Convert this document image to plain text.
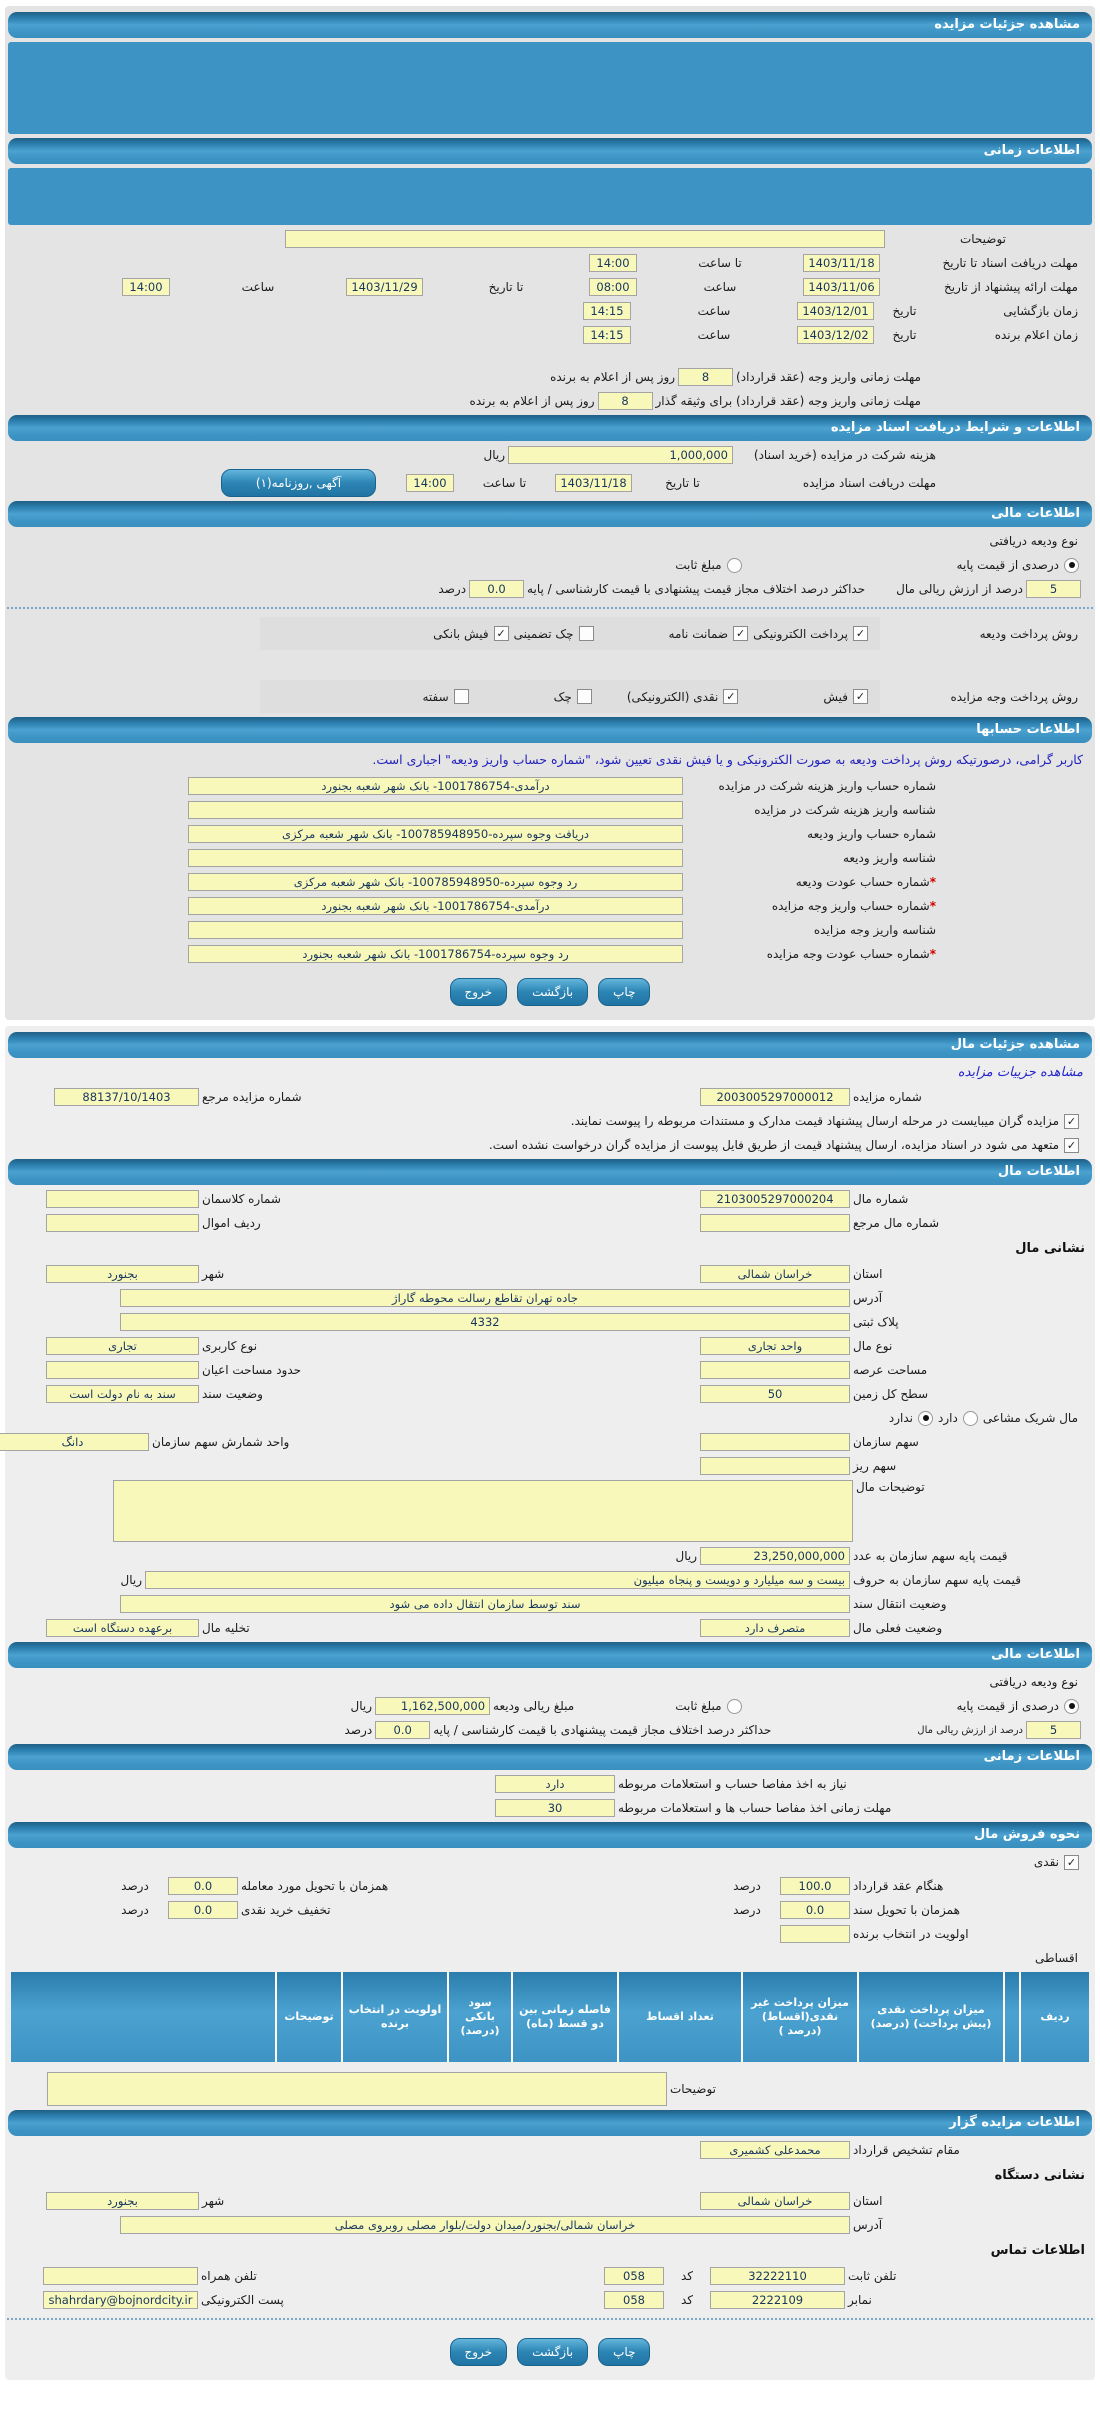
مشاهده جزئیات مزایده
اطلاعات زمانی
توضیحات
مهلت دریافت اسناد تا تاریخ
1403/11/18
تا ساعت
14:00
مهلت ارائه پیشنهاد از تاریخ
1403/11/06
ساعت
08:00
تا تاریخ
1403/11/29
ساعت
14:00
زمان بازگشایی
تاریخ
1403/12/01
ساعت
14:15
زمان اعلام برنده
تاریخ
1403/12/02
ساعت
14:15
مهلت زمانی واریز وجه (عقد قرارداد)
8
روز پس از اعلام به برنده
مهلت زمانی واریز وجه (عقد قرارداد) برای وثیقه گذار
8
روز پس از اعلام به برنده
اطلاعات و شرایط دریافت اسناد مزایده
هزینه شرکت در مزایده (خرید اسناد)
1,000,000
ریال
مهلت دریافت اسناد مزایده
تا تاریخ
1403/11/18
تا ساعت
14:00
آگهی ,روزنامه(۱)
اطلاعات مالی
نوع ودیعه دریافتی
درصدی از قیمت پایه
مبلغ ثابت
5
درصد از ارزش ریالی مال
حداکثر درصد اختلاف مجاز قیمت پیشنهادی با قیمت کارشناسی / پایه
0.0
درصد
روش پرداخت ودیعه
✓
پرداخت الکترونیکی
✓
ضمانت نامه
چک تضمینی
✓
فیش بانکی
روش پرداخت وجه مزایده
✓
فیش
✓
نقدی (الکترونیکی)
چک
سفته
اطلاعات حسابها
کاربر گرامی، درصورتیکه روش پرداخت ودیعه به صورت الکترونیکی و یا فیش نقدی تعیین شود، "شماره حساب واریز ودیعه" اجباری است.
شماره حساب واریز هزینه شرکت در مزایده
درآمدی-1001786754- بانک شهر شعبه بجنورد
شناسه واریز هزینه شرکت در مزایده
شماره حساب واریز ودیعه
دریافت وجوه سپرده-100785948950- بانک شهر شعبه مرکزی
شناسه واریز ودیعه
*شماره حساب عودت ودیعه
رد وجوه سپرده-100785948950- بانک شهر شعبه مرکزی
*شماره حساب واریز وجه مزایده
درآمدی-1001786754- بانک شهر شعبه بجنورد
شناسه واریز وجه مزایده
*شماره حساب عودت وجه مزایده
رد وجوه سپرده-1001786754- بانک شهر شعبه بجنورد
چاپ
بازگشت
خروج
مشاهده جزئیات مال
مشاهده جزییات مزایده
شماره مزایده
2003005297000012
شماره مزایده مرجع
88137/10/1403
✓
مزایده گران میبایست در مرحله ارسال پیشنهاد قیمت مدارک و مستندات مربوطه را پیوست نمایند.
✓
متعهد می شود در اسناد مزایده، ارسال پیشنهاد قیمت از طریق فایل پیوست از مزایده گران درخواست نشده است.
اطلاعات مال
شماره مال
2103005297000204
شماره کلاسمان
شماره مال مرجع
ردیف اموال
نشانی مال
استان
خراسان شمالی
شهر
بجنورد
آدرس
جاده تهران تقاطع رسالت محوطه گاراژ
پلاک ثبتی
4332
نوع مال
واحد تجاری
نوع کاربری
تجاری
مساحت عرصه
حدود مساحت اعیان
سطح کل زمین
50
وضعیت سند
سند به نام دولت است
مال شریک مشاعی
دارد
ندارد
سهم سازمان
واحد شمارش سهم سازمان
دانگ
سهم ریز
توضیحات مال
قیمت پایه سهم سازمان به عدد
23,250,000,000
ریال
قیمت پایه سهم سازمان به حروف
بیست و سه میلیارد و دویست و پنجاه میلیون
ریال
وضعیت انتقال سند
سند توسط سازمان انتقال داده می شود
وضعیت فعلی مال
متصرف دارد
تخلیه مال
برعهده دستگاه است
اطلاعات مالی
نوع ودیعه دریافتی
درصدی از قیمت پایه
مبلغ ثابت
مبلغ ریالی ودیعه
1,162,500,000
ریال
5
درصد از ارزش ریالی مال
حداکثر درصد اختلاف مجاز قیمت پیشنهادی با قیمت کارشناسی / پایه
0.0
درصد
اطلاعات زمانی
نیاز به اخذ مفاصا حساب و استعلامات مربوطه
دارد
مهلت زمانی اخذ مفاصا حساب ها و استعلامات مربوطه
30
نحوه فروش مال
✓
نقدی
هنگام عقد قرارداد
100.0
درصد
همزمان با تحویل مورد معامله
0.0
درصد
همزمان با تحویل سند
0.0
درصد
تخفیف خرید نقدی
0.0
درصد
اولویت در انتخاب برنده
اقساطی
ردیف
میزان پرداخت نقدی (پیش پرداخت) (درصد)
میزان پرداخت غیر نقدی(اقساط) (درصد )
تعداد اقساط
فاصله زمانی بین دو قسط (ماه)
سود بانکی (درصد)
اولویت در انتخاب برنده
توضیحات
توضیحات
اطلاعات مزایده گزار
مقام تشخیص قرارداد
محمدعلی کشمیری
نشانی دستگاه
استان
خراسان شمالی
شهر
بجنورد
آدرس
خراسان شمالی/بجنورد/میدان دولت/بلوار مصلی روبروی مصلی
اطلاعات تماس
تلفن ثابت
32222110
کد
058
تلفن همراه
نمابر
2222109
کد
058
پست الکترونیکی
shahrdary@bojnordcity.ir
چاپ
بازگشت
خروج
